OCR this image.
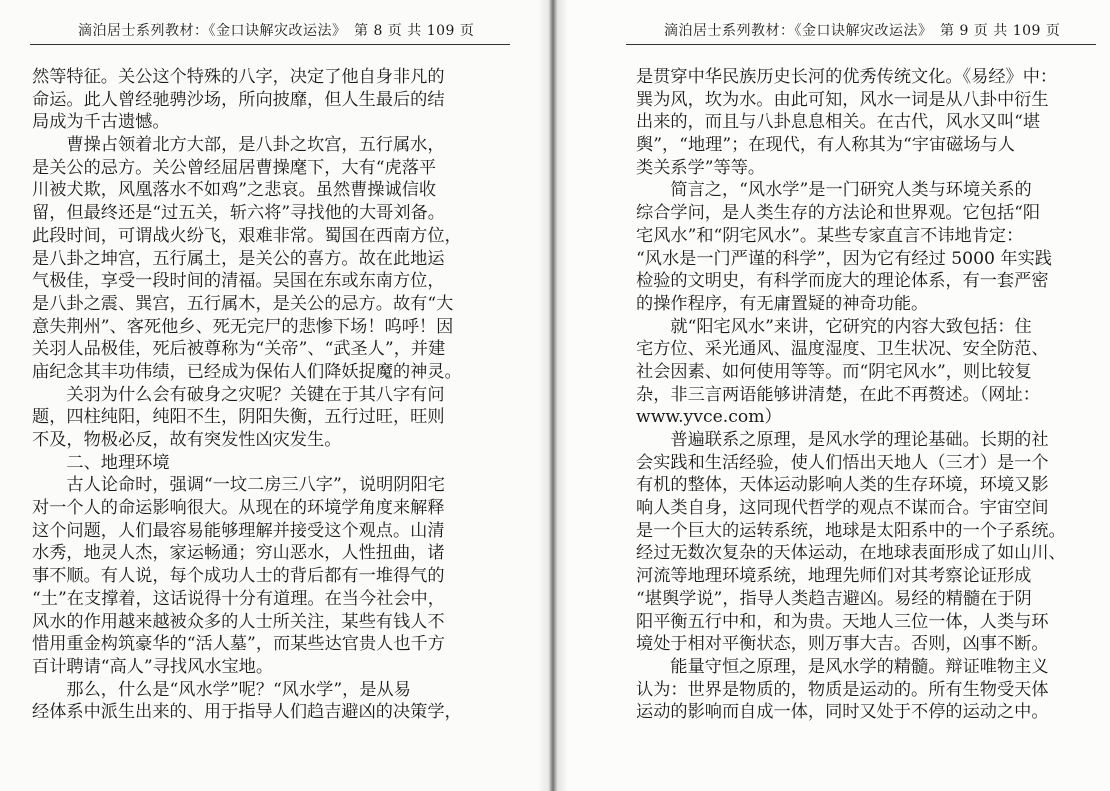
滴泊居士系列教材：《金口诀解灾改运法》　第 8 页 共 109 页
然等特征。关公这个特殊的八字，决定了他自身非凡的
命运。此人曾经驰骋沙场，所向披靡，但人生最后的结
局成为千古遗憾。
　　曹操占领着北方大部，是八卦之坎宫，五行属水，
是关公的忌方。关公曾经屈居曹操麾下，大有“虎落平
川被犬欺，风凰落水不如鸡”之悲哀。虽然曹操诚信收
留，但最终还是“过五关，斩六将”寻找他的大哥刘备。
此段时间，可谓战火纷飞，艰难非常。蜀国在西南方位，
是八卦之坤宫，五行属土，是关公的喜方。故在此地运
气极佳，享受一段时间的清福。吴国在东或东南方位，
是八卦之震、巽宫，五行属木，是关公的忌方。故有“大
意失荆州”、客死他乡、死无完尸的悲惨下场！呜呼！因
关羽人品极佳，死后被尊称为“关帝”、“武圣人”，并建
庙纪念其丰功伟绩，已经成为保佑人们降妖捉魔的神灵。
　　关羽为什么会有破身之灾呢？关键在于其八字有问
题，四柱纯阳，纯阳不生，阴阳失衡，五行过旺，旺则
不及，物极必反，故有突发性凶灾发生。
　　二、地理环境
　　古人论命时，强调“一坟二房三八字”，说明阴阳宅
对一个人的命运影响很大。从现在的环境学角度来解释
这个问题，人们最容易能够理解并接受这个观点。山清
水秀，地灵人杰，家运畅通；穷山恶水，人性扭曲，诸
事不顺。有人说，每个成功人士的背后都有一堆得气的
“土”在支撑着，这话说得十分有道理。在当今社会中，
风水的作用越来越被众多的人士所关注，某些有钱人不
惜用重金构筑豪华的“活人墓”，而某些达官贵人也千方
百计聘请“高人”寻找风水宝地。
　　那么，什么是“风水学”呢？“风水学”，是从易
经体系中派生出来的、用于指导人们趋吉避凶的决策学，
滴泊居士系列教材：《金口诀解灾改运法》　第 9 页 共 109 页
是贯穿中华民族历史长河的优秀传统文化。《易经》中：
巽为风，坎为水。由此可知，风水一词是从八卦中衍生
出来的，而且与八卦息息相关。在古代，风水又叫“堪
舆”，“地理”；在现代，有人称其为“宇宙磁场与人
类关系学”等等。
　　简言之，“风水学”是一门研究人类与环境关系的
综合学问，是人类生存的方法论和世界观。它包括“阳
宅风水”和“阴宅风水”。某些专家直言不讳地肯定：
“风水是一门严谨的科学”，因为它有经过 5000 年实践
检验的文明史，有科学而庞大的理论体系，有一套严密
的操作程序，有无庸置疑的神奇功能。
　　就“阳宅风水”来讲，它研究的内容大致包括：住
宅方位、采光通风、温度湿度、卫生状况、安全防范、
社会因素、如何使用等等。而“阴宅风水”，则比较复
杂，非三言两语能够讲清楚，在此不再赘述。（网址：
www.yvce.com）
　　普遍联系之原理，是风水学的理论基础。长期的社
会实践和生活经验，使人们悟出天地人（三才）是一个
有机的整体，天体运动影响人类的生存环境，环境又影
响人类自身，这同现代哲学的观点不谋而合。宇宙空间
是一个巨大的运转系统，地球是太阳系中的一个子系统。
经过无数次复杂的天体运动，在地球表面形成了如山川、
河流等地理环境系统，地理先师们对其考察论证形成
“堪舆学说”，指导人类趋吉避凶。易经的精髓在于阴
阳平衡五行中和，和为贵。天地人三位一体，人类与环
境处于相对平衡状态，则万事大吉。否则，凶事不断。
　　能量守恒之原理，是风水学的精髓。辩证唯物主义
认为：世界是物质的，物质是运动的。所有生物受天体
运动的影响而自成一体，同时又处于不停的运动之中。
